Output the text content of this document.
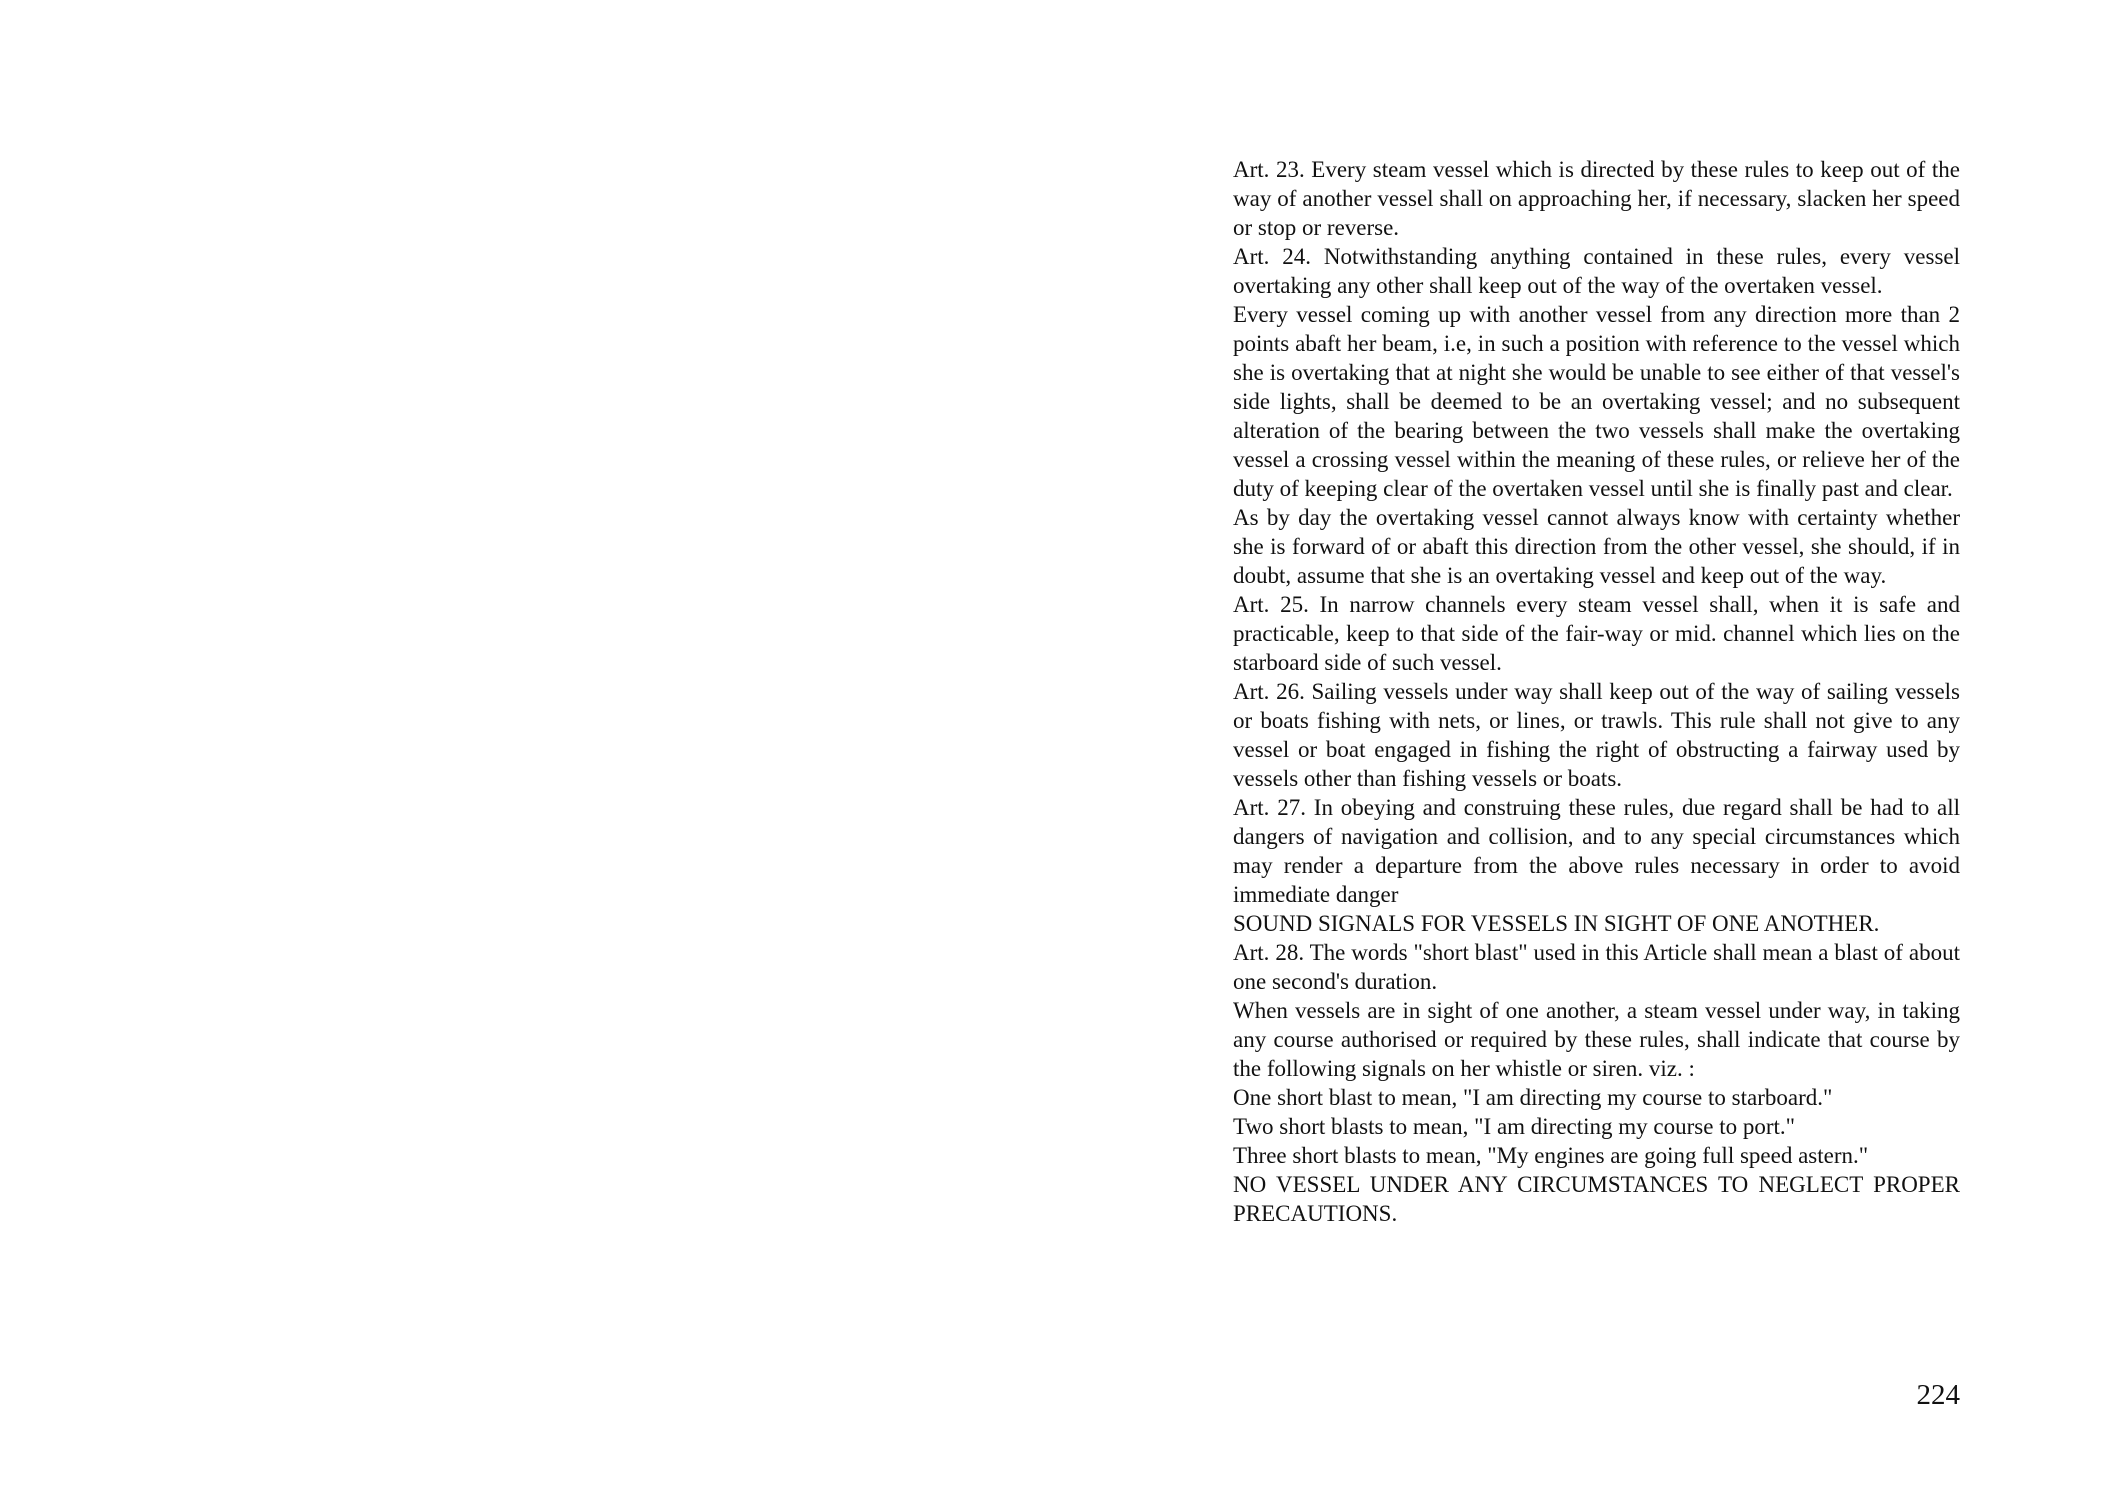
Art. 23. Every steam vessel which is directed by these rules to keep out of the way of another vessel shall on approaching her, if necessary, slacken her speed or stop or reverse.

Art. 24. Notwithstanding anything contained in these rules, every vessel overtaking any other shall keep out of the way of the overtaken vessel.

Every vessel coming up with another vessel from any direction more than 2 points abaft her beam, i.e, in such a position with reference to the vessel which she is overtaking that at night she would be unable to see either of that vessel's side lights, shall be deemed to be an overtaking vessel; and no subsequent alteration of the bearing between the two vessels shall make the overtaking vessel a crossing vessel within the meaning of these rules, or relieve her of the duty of keeping clear of the overtaken vessel until she is finally past and clear.

As by day the overtaking vessel cannot always know with certainty whether she is forward of or abaft this direction from the other vessel, she should, if in doubt, assume that she is an overtaking vessel and keep out of the way.

Art. 25. In narrow channels every steam vessel shall, when it is safe and practicable, keep to that side of the fair-way or mid. channel which lies on the starboard side of such vessel.

Art. 26. Sailing vessels under way shall keep out of the way of sailing vessels or boats fishing with nets, or lines, or trawls. This rule shall not give to any vessel or boat engaged in fishing the right of obstructing a fairway used by vessels other than fishing vessels or boats.

Art. 27. In obeying and construing these rules, due regard shall be had to all dangers of navigation and collision, and to any special circumstances which may render a departure from the above rules necessary in order to avoid immediate danger

SOUND SIGNALS FOR VESSELS IN SIGHT OF ONE ANOTHER.

Art. 28. The words "short blast" used in this Article shall mean a blast of about one second's duration.

When vessels are in sight of one another, a steam vessel under way, in taking any course authorised or required by these rules, shall indicate that course by the following signals on her whistle or siren. viz. :

One short blast to mean, "I am directing my course to starboard."

Two short blasts to mean, "I am directing my course to port."

Three short blasts to mean, "My engines are going full speed astern."

NO VESSEL UNDER ANY CIRCUMSTANCES TO NEGLECT PROPER PRECAUTIONS.

224
